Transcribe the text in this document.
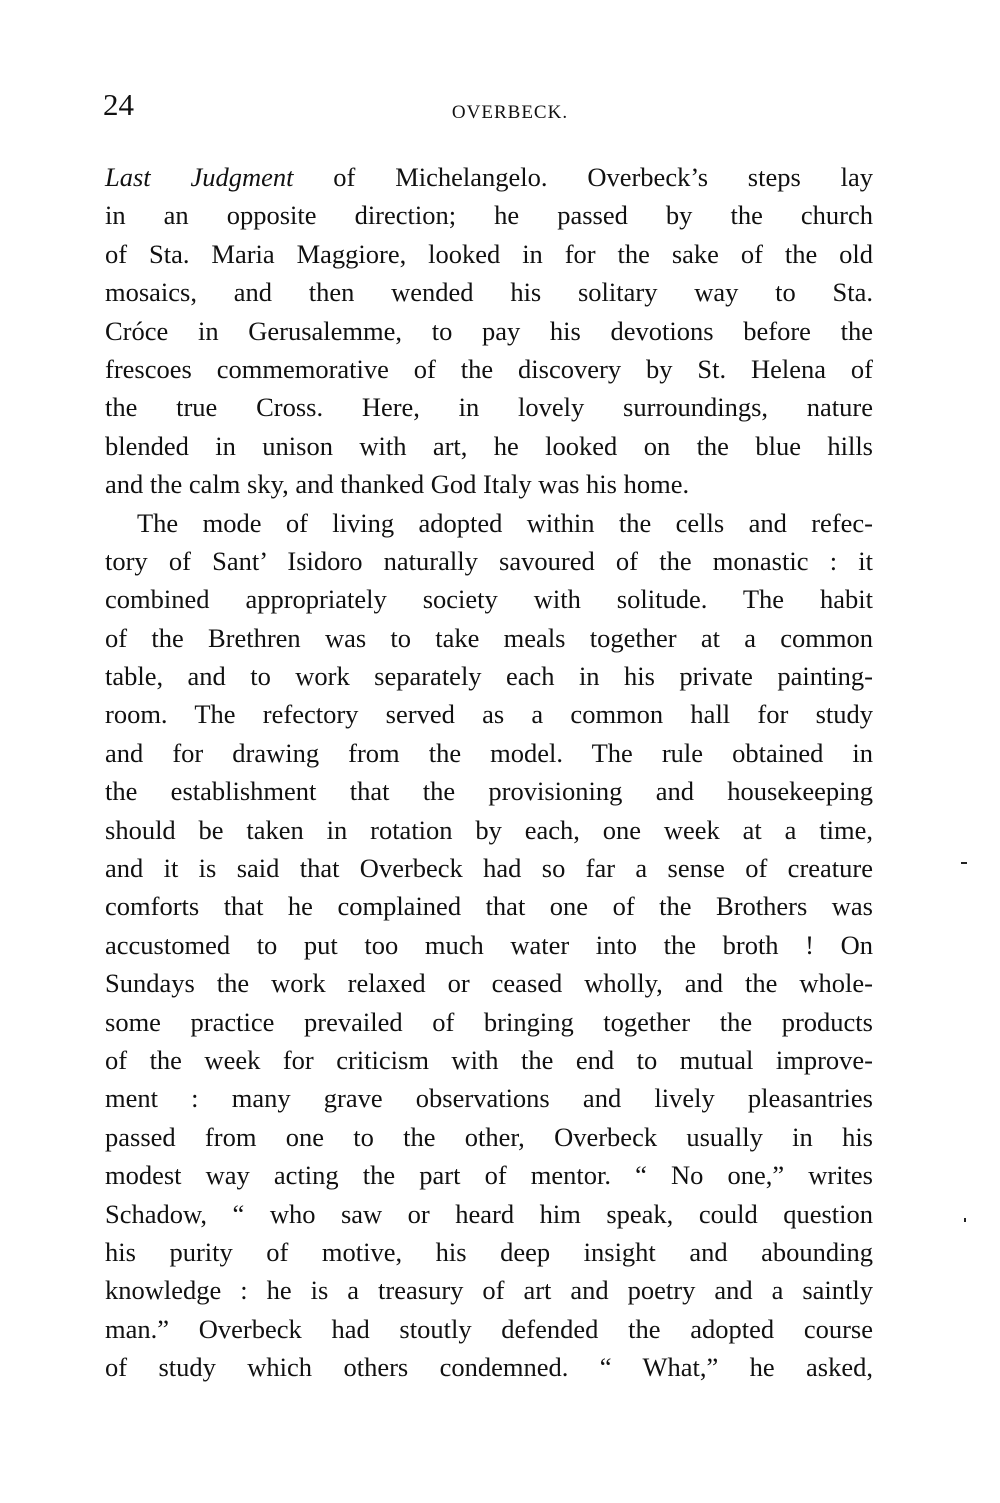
24	OVERBECK.
Last Judgment of Michelangelo. Overbeck’s steps lay
in an opposite direction; he passed by the church
of Sta. Maria Maggiore, looked in for the sake of the old
mosaics, and then wended his solitary way to Sta.
Cróce in Gerusalemme, to pay his devotions before the
frescoes commemorative of the discovery by St. Helena of
the true Cross. Here, in lovely surroundings, nature
blended in unison with art, he looked on the blue hills
and the calm sky, and thanked God Italy was his home.
The mode of living adopted within the cells and refec-
tory of Sant’ Isidoro naturally savoured of the monastic : it
combined appropriately society with solitude. The habit
of the Brethren was to take meals together at a common
table, and to work separately each in his private painting-
room. The refectory served as a common hall for study
and for drawing from the model. The rule obtained in
the establishment that the provisioning and housekeeping
should be taken in rotation by each, one week at a time,
and it is said that Overbeck had so far a sense of creature
comforts that he complained that one of the Brothers was
accustomed to put too much water into the broth ! On
Sundays the work relaxed or ceased wholly, and the whole-
some practice prevailed of bringing together the products
of the week for criticism with the end to mutual improve-
ment : many grave observations and lively pleasantries
passed from one to the other, Overbeck usually in his
modest way acting the part of mentor. “ No one,” writes
Schadow, “ who saw or heard him speak, could question
his purity of motive, his deep insight and abounding
knowledge : he is a treasury of art and poetry and a saintly
man.” Overbeck had stoutly defended the adopted course
of study which others condemned. “ What,” he asked,
